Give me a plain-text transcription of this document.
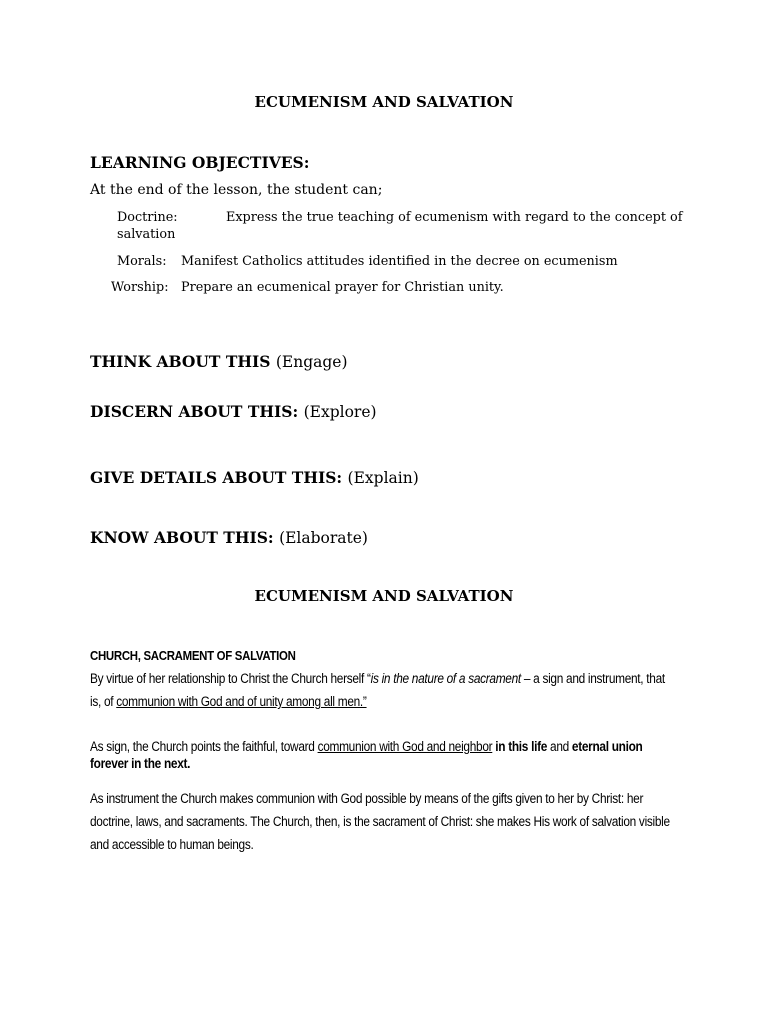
ECUMENISM AND SALVATION
LEARNING OBJECTIVES:
At the end of the lesson, the student can;
Doctrine:	Express the true teaching of ecumenism with regard to the concept of
salvation
Morals: Manifest Catholics attitudes identified in the decree on ecumenism
Worship: Prepare an ecumenical prayer for Christian unity.
THINK ABOUT THIS (Engage)
DISCERN ABOUT THIS: (Explore)
GIVE DETAILS ABOUT THIS: (Explain)
KNOW ABOUT THIS: (Elaborate)
ECUMENISM AND SALVATION
CHURCH, SACRAMENT OF SALVATION
By virtue of her relationship to Christ the Church herself “is in the nature of a sacrament – a sign and instrument, that
is, of communion with God and of unity among all men.”
As sign, the Church points the faithful, toward communion with God and neighbor in this life and eternal union
forever in the next.
As instrument the Church makes communion with God possible by means of the gifts given to her by Christ: her
doctrine, laws, and sacraments. The Church, then, is the sacrament of Christ: she makes His work of salvation visible
and accessible to human beings.
